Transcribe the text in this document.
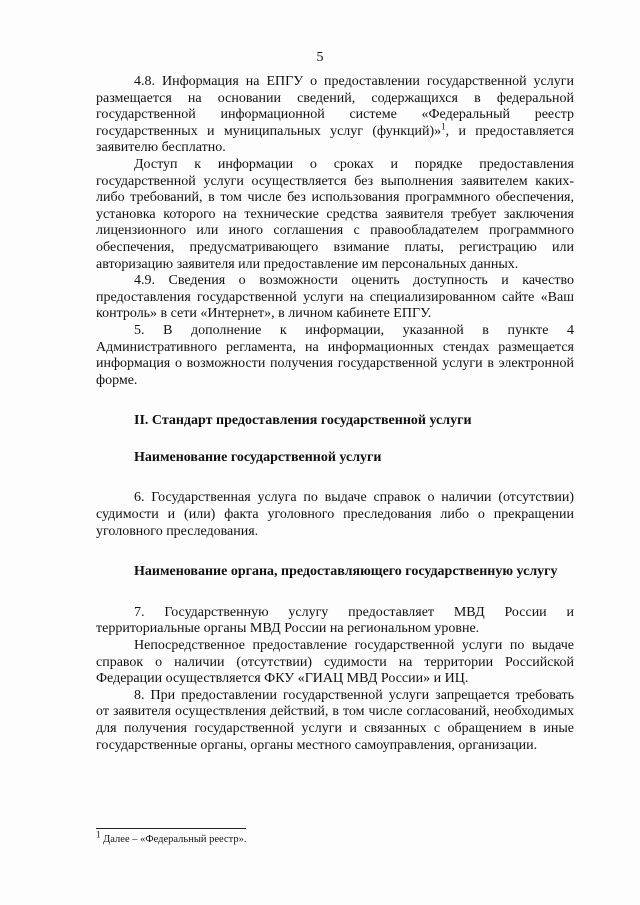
5

4.8. Информация на ЕПГУ о предоставлении государственной услуги размещается на основании сведений, содержащихся в федеральной государственной информационной системе «Федеральный реестр государственных и муниципальных услуг (функций)»$^1$, и предоставляется заявителю бесплатно.

Доступ к информации о сроках и порядке предоставления государственной услуги осуществляется без выполнения заявителем каких-либо требований, в том числе без использования программного обеспечения, установка которого на технические средства заявителя требует заключения лицензионного или иного соглашения с правообладателем программного обеспечения, предусматривающего взимание платы, регистрацию или авторизацию заявителя или предоставление им персональных данных.

4.9. Сведения о возможности оценить доступность и качество предоставления государственной услуги на специализированном сайте «Ваш контроль» в сети «Интернет», в личном кабинете ЕПГУ.

5. В дополнение к информации, указанной в пункте 4 Административного регламента, на информационных стендах размещается информация о возможности получения государственной услуги в электронной форме.

II. Стандарт предоставления государственной услуги
Наименование государственной услуги

6. Государственная услуга по выдаче справок о наличии (отсутствии) судимости и (или) факта уголовного преследования либо о прекращении уголовного преследования.

Наименование органа, предоставляющего государственную услугу

7. Государственную услугу предоставляет МВД России и территориальные органы МВД России на региональном уровне.

Непосредственное предоставление государственной услуги по выдаче справок о наличии (отсутствии) судимости на территории Российской Федерации осуществляется ФКУ «ГИАЦ МВД России» и ИЦ.

8. При предоставлении государственной услуги запрещается требовать от заявителя осуществления действий, в том числе согласований, необходимых для получения государственной услуги и связанных с обращением в иные государственные органы, органы местного самоуправления, организации.

$^1$ Далее – «Федеральный реестр».
